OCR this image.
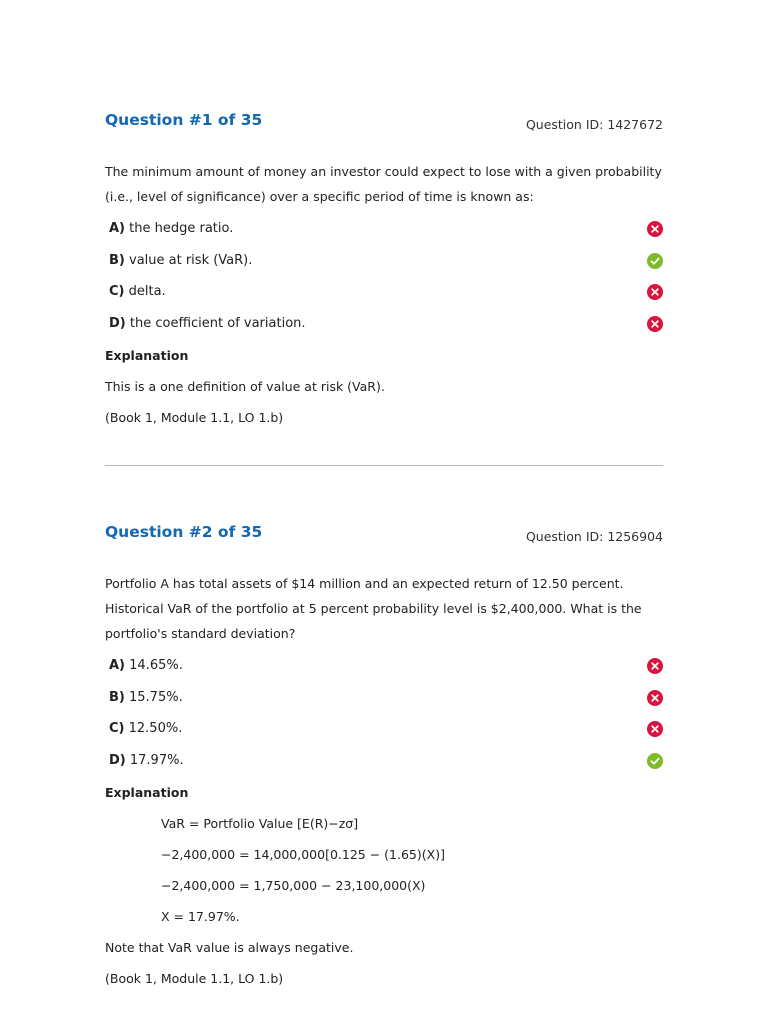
Question #1 of 35	Question ID: 1427672
The minimum amount of money an investor could expect to lose with a given probability (i.e., level of significance) over a specific period of time is known as:
A) the hedge ratio.
B) value at risk (VaR).
C) delta.
D) the coefficient of variation.
Explanation
This is a one definition of value at risk (VaR).
(Book 1, Module 1.1, LO 1.b)
Question #2 of 35	Question ID: 1256904
Portfolio A has total assets of $14 million and an expected return of 12.50 percent. Historical VaR of the portfolio at 5 percent probability level is $2,400,000. What is the portfolio's standard deviation?
A) 14.65%.
B) 15.75%.
C) 12.50%.
D) 17.97%.
Explanation
VaR = Portfolio Value [E(R)−zσ]
−2,400,000 = 14,000,000[0.125 − (1.65)(X)]
−2,400,000 = 1,750,000 − 23,100,000(X)
X = 17.97%.
Note that VaR value is always negative.
(Book 1, Module 1.1, LO 1.b)
